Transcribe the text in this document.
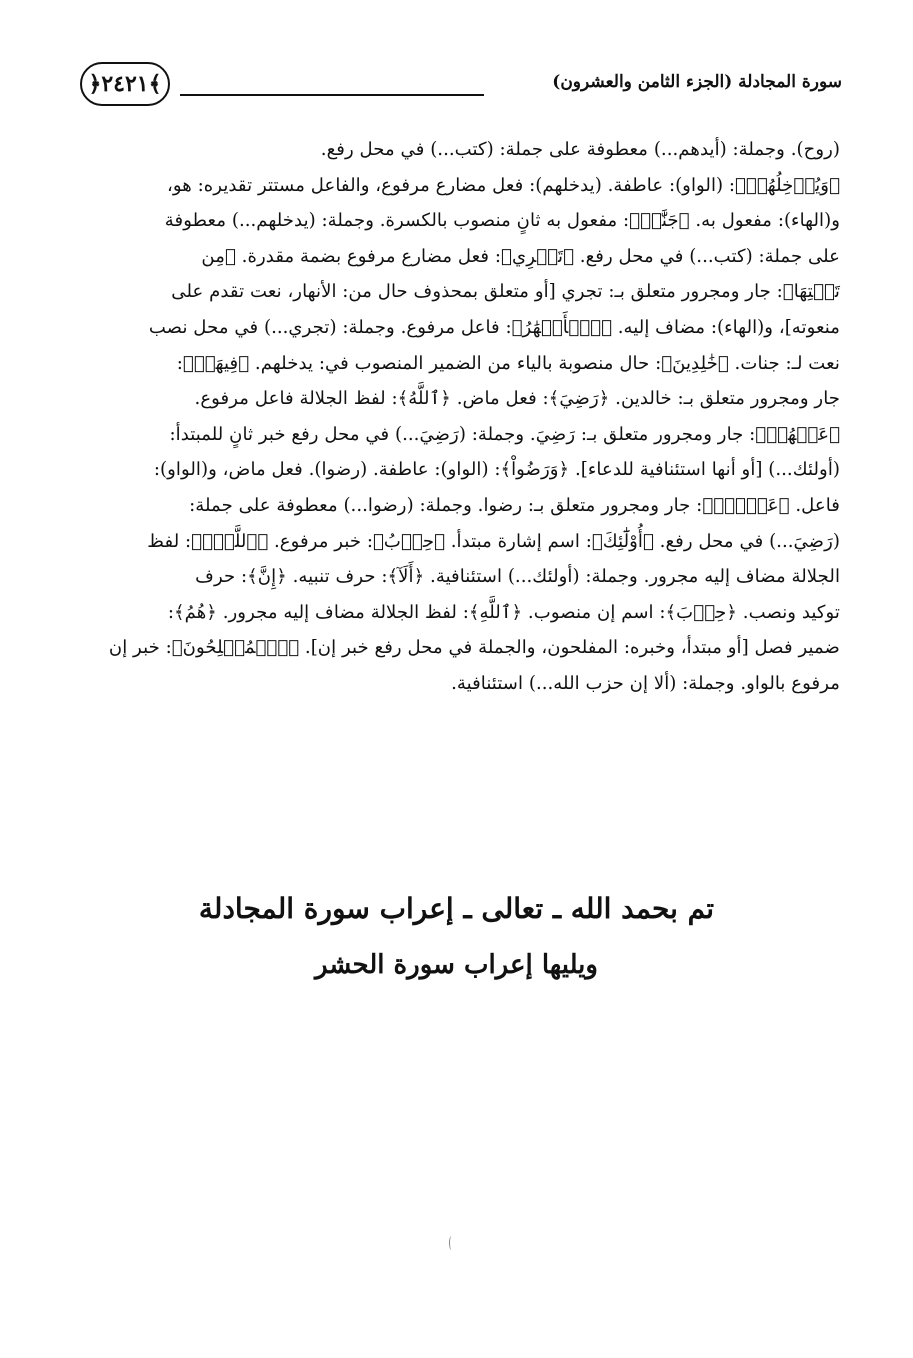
سورة المجادلة (الجزء الثامن والعشرون)
﴿٢٤٢١﴾
(روح). وجملة: (أيدهم...) معطوفة على جملة: (كتب...) في محل رفع.
﴿وَيُدۡخِلُهُمۡ﴾: (الواو): عاطفة. (يدخلهم): فعل مضارع مرفوع، والفاعل مستتر تقديره: هو،
و(الهاء): مفعول به. ﴿جَنَّٰتٖ﴾: مفعول به ثانٍ منصوب بالكسرة. وجملة: (يدخلهم...) معطوفة
على جملة: (كتب...) في محل رفع. ﴿تَجۡرِي﴾: فعل مضارع مرفوع بضمة مقدرة. ﴿مِن
تَحۡتِهَا﴾: جار ومجرور متعلق بـ: تجري [أو متعلق بمحذوف حال من: الأنهار، نعت تقدم على
منعوته]، و(الهاء): مضاف إليه. ﴿ٱلۡأَنۡهَٰرُ﴾: فاعل مرفوع. وجملة: (تجري...) في محل نصب
نعت لـ: جنات. ﴿خَٰلِدِينَ﴾: حال منصوبة بالياء من الضمير المنصوب في: يدخلهم. ﴿فِيهَاۚ﴾:
جار ومجرور متعلق بـ: خالدين. ﴿رَضِيَ﴾: فعل ماض. ﴿ٱللَّهُ﴾: لفظ الجلالة فاعل مرفوع.
﴿عَنۡهُمۡ﴾: جار ومجرور متعلق بـ: رَضِيَ. وجملة: (رَضِيَ...) في محل رفع خبر ثانٍ للمبتدأ:
(أولئك...) [أو أنها استئنافية للدعاء]. ﴿وَرَضُواْ﴾: (الواو): عاطفة. (رضوا). فعل ماض، و(الواو):
فاعل. ﴿عَنۡهُۚ﴾: جار ومجرور متعلق بـ: رضوا. وجملة: (رضوا...) معطوفة على جملة:
(رَضِيَ...) في محل رفع. ﴿أُوْلَٰٓئِكَ﴾: اسم إشارة مبتدأ. ﴿حِزۡبُ﴾: خبر مرفوع. ﴿ٱللَّهِۚ﴾: لفظ
الجلالة مضاف إليه مجرور. وجملة: (أولئك...) استئنافية. ﴿أَلَآ﴾: حرف تنبيه. ﴿إِنَّ﴾: حرف
توكيد ونصب. ﴿حِزۡبَ﴾: اسم إن منصوب. ﴿ٱللَّهِ﴾: لفظ الجلالة مضاف إليه مجرور. ﴿هُمُ﴾:
ضمير فصل [أو مبتدأ، وخبره: المفلحون، والجملة في محل رفع خبر إن]. ﴿ٱلۡمُفۡلِحُونَ﴾: خبر إن
مرفوع بالواو. وجملة: (ألا إن حزب الله...) استئنافية.
تم بحمد الله ـ تعالى ـ إعراب سورة المجادلة
ويليها إعراب سورة الحشر
